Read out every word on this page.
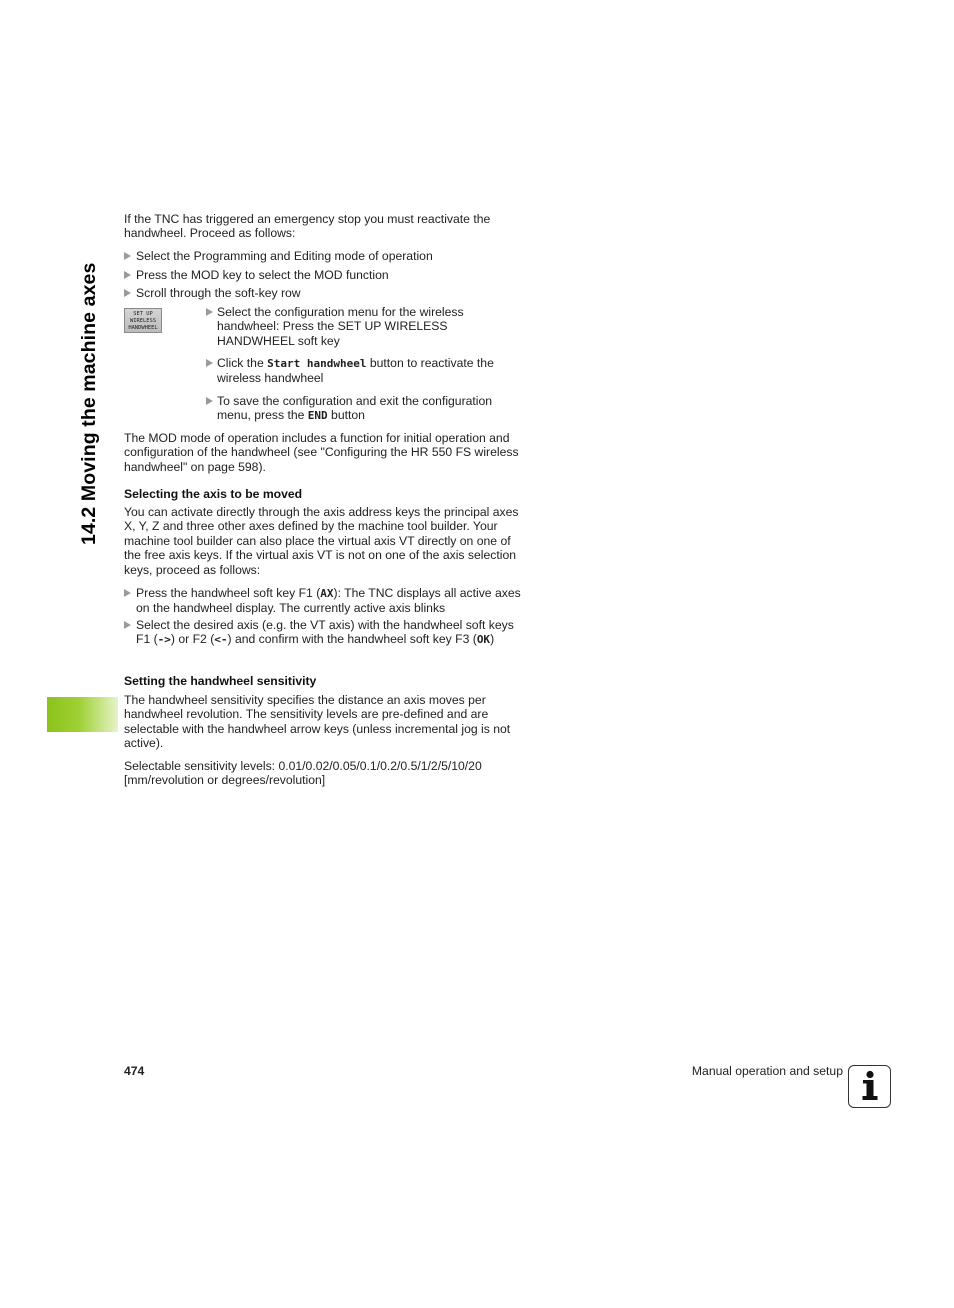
14.2 Moving the machine axes

If the TNC has triggered an emergency stop you must reactivate the handwheel. Proceed as follows:

Select the Programming and Editing mode of operation
Press the MOD key to select the MOD function
Scroll through the soft-key row
SET UP
WIRELESS
HANDWHEEL
Select the configuration menu for the wireless handwheel: Press the SET UP WIRELESS HANDWHEEL soft key
Click the Start handwheel button to reactivate the wireless handwheel
To save the configuration and exit the configuration menu, press the END button

The MOD mode of operation includes a function for initial operation and configuration of the handwheel (see "Configuring the HR 550 FS wireless handwheel" on page 598).

Selecting the axis to be moved

You can activate directly through the axis address keys the principal axes X, Y, Z and three other axes defined by the machine tool builder. Your machine tool builder can also place the virtual axis VT directly on one of the free axis keys. If the virtual axis VT is not on one of the axis selection keys, proceed as follows:

Press the handwheel soft key F1 (AX): The TNC displays all active axes on the handwheel display. The currently active axis blinks
Select the desired axis (e.g. the VT axis) with the handwheel soft keys F1 (->) or F2 (<-) and confirm with the handwheel soft key F3 (OK)
Setting the handwheel sensitivity

The handwheel sensitivity specifies the distance an axis moves per handwheel revolution. The sensitivity levels are pre-defined and are selectable with the handwheel arrow keys (unless incremental jog is not active).

Selectable sensitivity levels: 0.01/0.02/0.05/0.1/0.2/0.5/1/2/5/10/20 [mm/revolution or degrees/revolution]

474	Manual operation and setup
